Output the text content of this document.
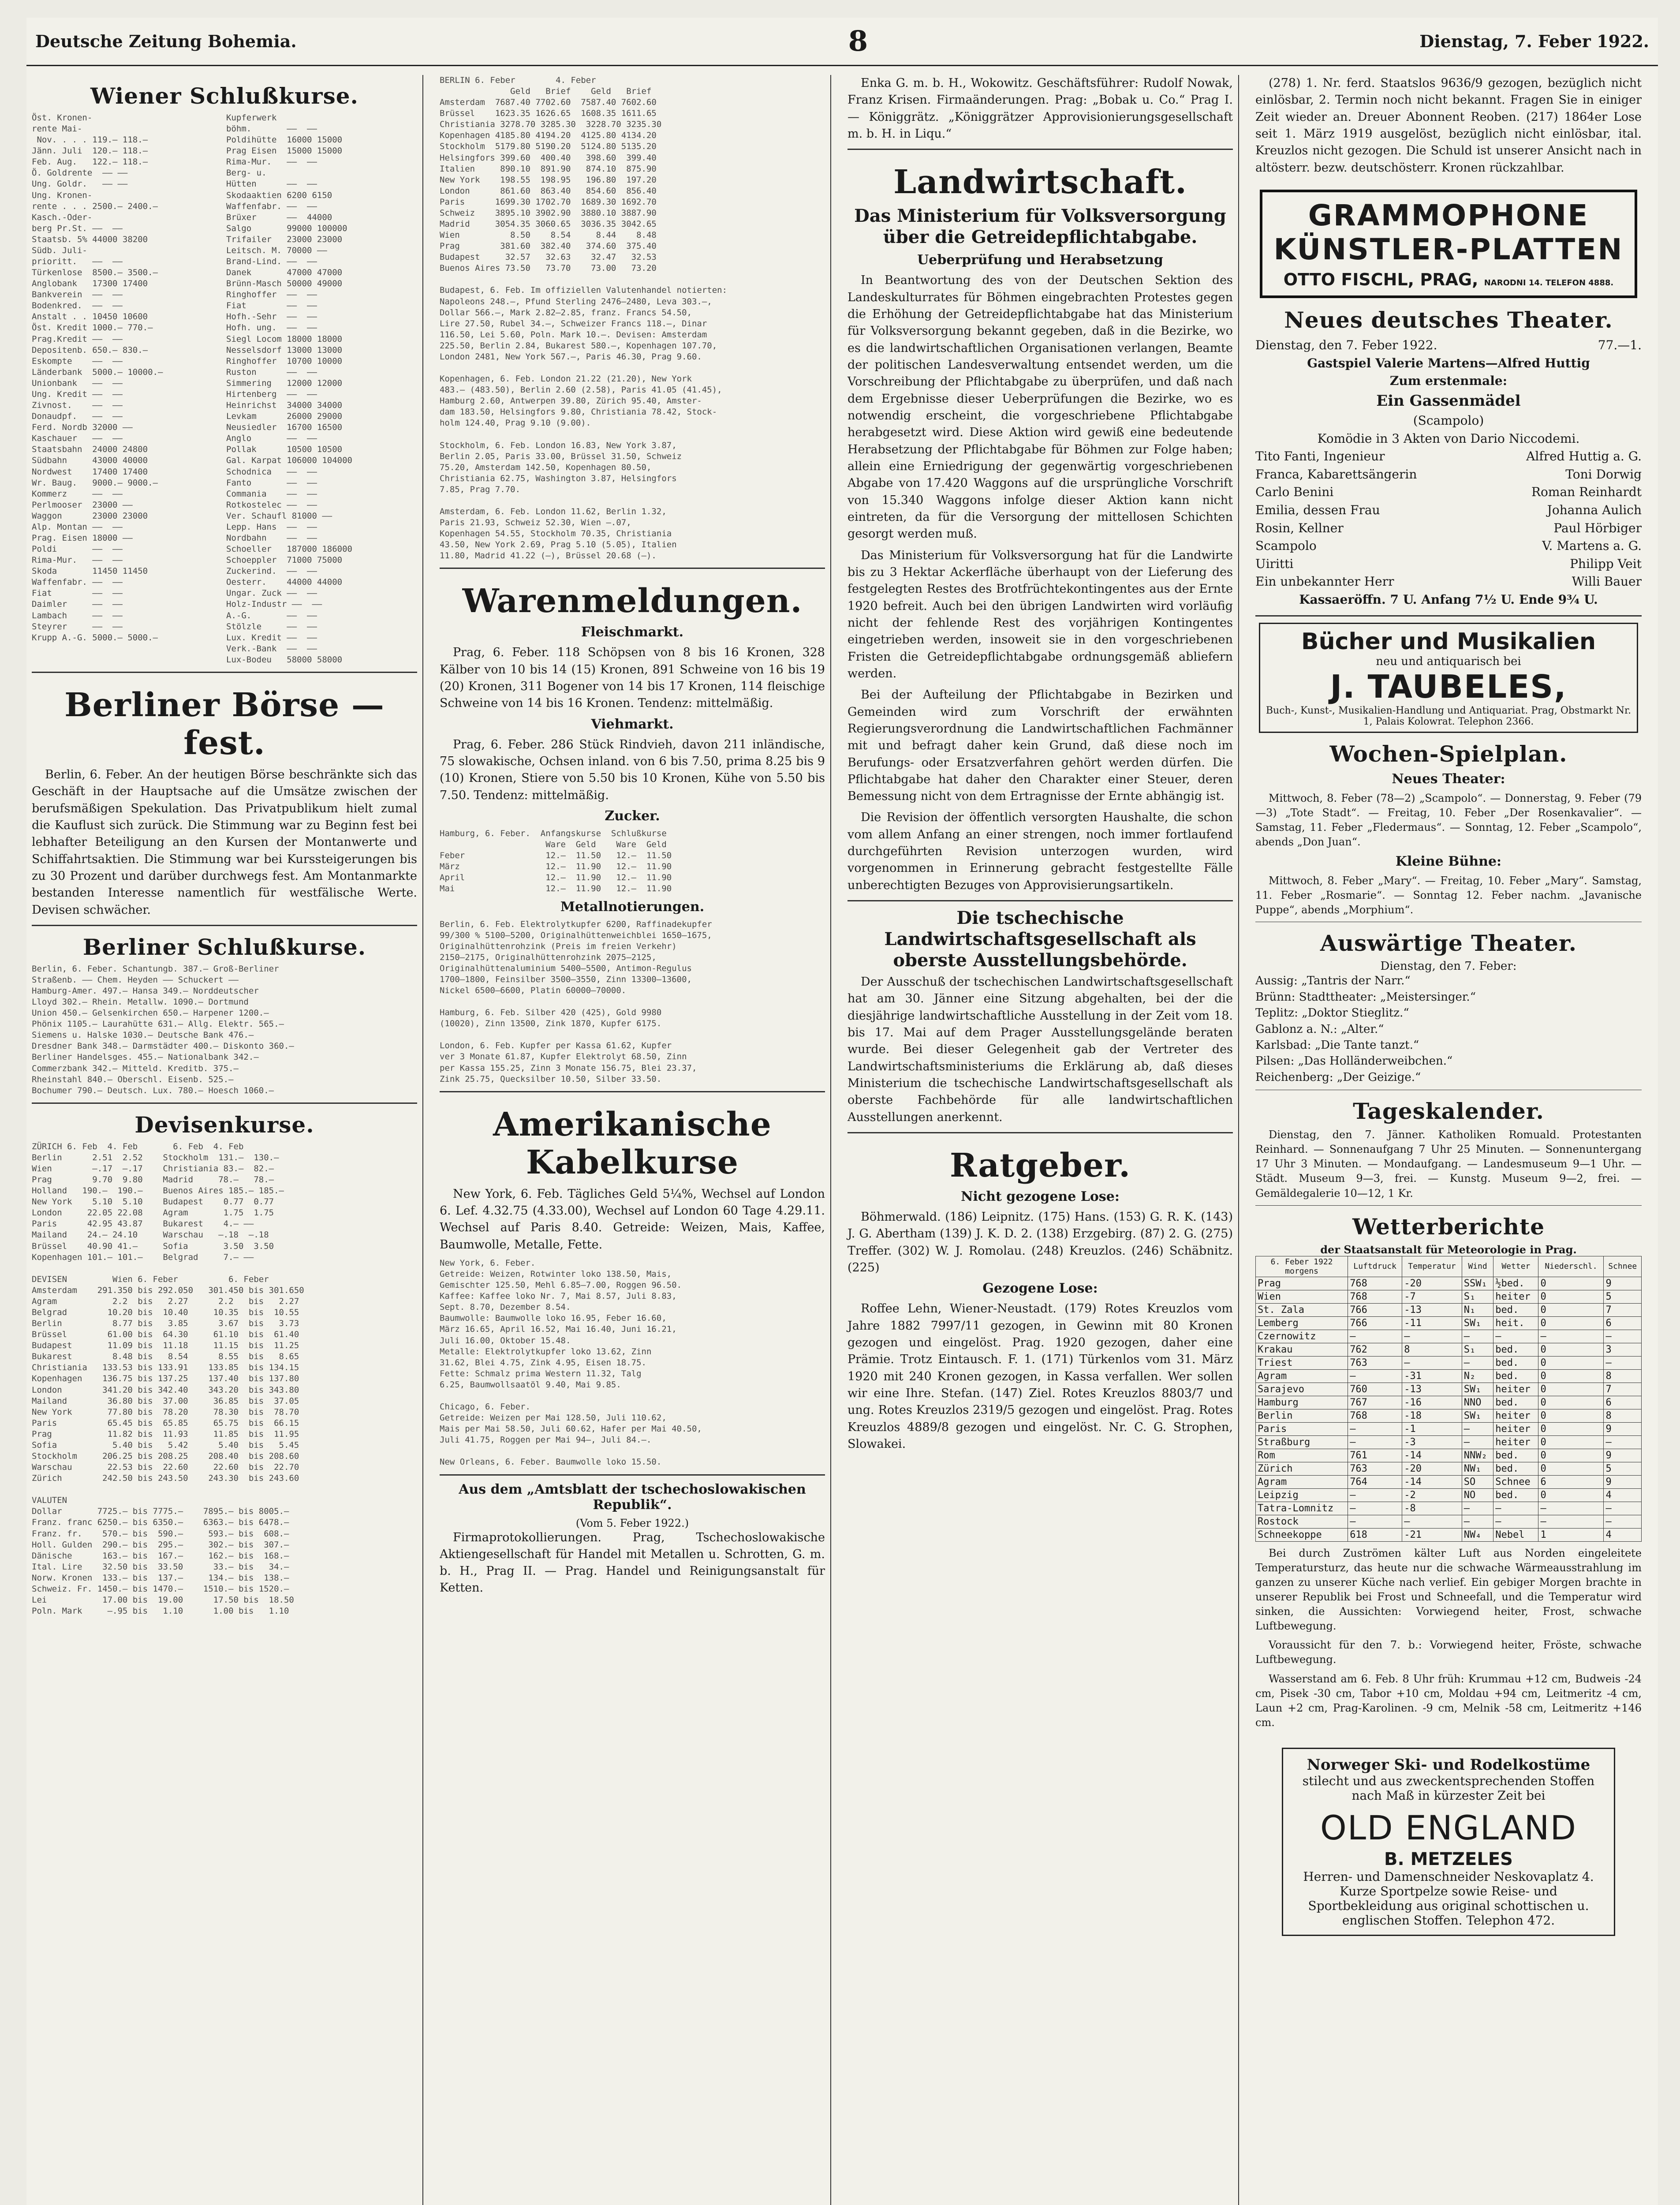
Deutsche Zeitung Bohemia.	8	Dienstag, 7. Feber 1922.
Wiener Schlußkurse.
Öst. Kronen-
rente Mai-
Nov. . . . 119.— 118.—
Jänn. Juli  120.— 118.—
Feb. Aug.   122.— 118.—
Ö. Goldrente  —— ——
Ung. Goldr.   —— ——
Ung. Kronen-
rente . . . 2500.— 2400.—
Kasch.-Oder-
berg Pr.St. ——  ——
Staatsb. 5% 44000 38200
Südb. Juli-
prioritt.   ——  ——
Türkenlose  8500.— 3500.—
Anglobank   17300 17400
Bankverein  ——  ——
Bodenkred.  ——  ——
Anstalt . . 10450 10600
Öst. Kredit 1000.— 770.—
Prag.Kredit ——  ——
Depositenb. 650.— 830.—
Eskompte    ——  ——
Länderbank  5000.— 10000.—
Unionbank   ——  ——
Ung. Kredit ——  ——
Zivnost.    ——  ——
Donaudpf.   ——  ——
Ferd. Nordb 32000 ——
Kaschauer   ——  ——
Staatsbahn  24000 24800
Südbahn     43000 40000
Nordwest    17400 17400
Wr. Baug.   9000.— 9000.—
Kommerz     ——  ——
Perlmooser  23000 ——
Waggon      23000 23000
Alp. Montan ——  ——
Prag. Eisen 18000 ——
Poldi       ——  ——
Rima-Mur.   ——  ——
Skoda       11450 11450
Waffenfabr. ——  ——
Fiat        ——  ——
Daimler     ——  ——
Lambach     ——  ——
Steyrer     ——  ——
Krupp A.-G. 5000.— 5000.—
Kupferwerk
böhm.       ——  ——
Poldihütte  16000 15000
Prag Eisen  15000 15000
Rima-Mur.   ——  ——
Berg- u.
Hütten      ——  ——
Skodaaktien 6200 6150
Waffenfabr. ——  ——
Brüxer      ——  44000
Salgo       99000 100000
Trifailer   23000 23000
Leitsch. M. 70000 ——
Brand-Lind. ——  ——
Danek       47000 47000
Brünn-Masch 50000 49000
Ringhoffer  ——  ——
Fiat        ——  ——
Hofh.-Sehr  ——  ——
Hofh. ung.  ——  ——
Siegl Locom 18000 18000
Nesselsdorf 13000 13000
Ringhoffer  10700 10000
Ruston      ——  ——
Simmering   12000 12000
Hirtenberg  ——  ——
Heinrichst  34000 34000
Levkam      26000 29000
Neusiedler  16700 16500
Anglo       ——  ——
Pollak      10500 10500
Gal. Karpat 106000 104000
Schodnica   ——  ——
Fanto       ——  ——
Commania    ——  ——
Rotkostelec ——  ——
Ver. Schaufl 81000 ——
Lepp. Hans  ——  ——
Nordbahn    ——  ——
Schoeller   187000 186000
Schoeppler  71000 75000
Zuckerind.  ——  ——
Oesterr.    44000 44000
Ungar. Zuck ——  ——
Holz-Industr ——  ——
A.-G.       ——  ——
Stölzle     ——  ——
Lux. Kredit ——  ——
Verk.-Bank  ——  ——
Lux-Bodeu   58000 58000
Berliner Börse — fest.

Berlin, 6. Feber. An der heutigen Börse beschränkte sich das Geschäft in der Hauptsache auf die Umsätze zwischen der berufsmäßigen Spekulation. Das Privatpublikum hielt zumal die Kauflust sich zurück. Die Stimmung war zu Beginn fest bei lebhafter Beteiligung an den Kursen der Montanwerte und Schiffahrtsaktien. Die Stimmung war bei Kurssteigerungen bis zu 30 Prozent und darüber durchwegs fest. Am Montanmarkte bestanden Interesse namentlich für westfälische Werte. Devisen schwächer.

Berliner Schlußkurse.
Berlin, 6. Feber. Schantungb. 387.— Groß-Berliner
Straßenb. —— Chem. Heyden —— Schuckert ——
Hamburg-Amer. 497.— Hansa 349.— Norddeutscher
Lloyd 302.— Rhein. Metallw. 1090.— Dortmund
Union 450.— Gelsenkirchen 650.— Harpener 1200.—
Phönix 1105.— Laurahütte 631.— Allg. Elektr. 565.—
Siemens u. Halske 1030.— Deutsche Bank 476.—
Dresdner Bank 348.— Darmstädter 400.— Diskonto 360.—
Berliner Handelsges. 455.— Nationalbank 342.—
Commerzbank 342.— Mitteld. Kreditb. 375.—
Rheinstahl 840.— Oberschl. Eisenb. 525.—
Bochumer 790.— Deutsch. Lux. 780.— Hoesch 1060.—
Devisenkurse.
ZÜRICH 6. Feb  4. Feb       6. Feb  4. Feb
Berlin      2.51  2.52    Stockholm  131.—  130.—
Wien        —.17  —.17    Christiania 83.—  82.—
Prag        9.70  9.80    Madrid     78.—   78.—
Holland   190.—  190.—    Buenos Aires 185.— 185.—
New York    5.10  5.10    Budapest    0.77  0.77
London     22.05 22.08    Agram       1.75  1.75
Paris      42.95 43.87    Bukarest    4.— ——
Mailand    24.— 24.10     Warschau   —.18  —.18
Brüssel    40.90 41.—     Sofia       3.50  3.50
Kopenhagen 101.— 101.—    Belgrad     7.— ——

DEVISEN         Wien 6. Feber          6. Feber
Amsterdam    291.350 bis 292.050   301.450 bis 301.650
Agram           2.2  bis   2.27      2.2   bis   2.27
Belgrad        10.20 bis  10.40     10.35  bis  10.55
Berlin          8.77 bis   3.85      3.67  bis   3.73
Brüssel        61.00 bis  64.30     61.10  bis  61.40
Budapest       11.09 bis  11.18     11.15  bis  11.25
Bukarest        8.48 bis   8.54      8.55  bis   8.65
Christiania   133.53 bis 133.91    133.85  bis 134.15
Kopenhagen    136.75 bis 137.25    137.40  bis 137.80
London        341.20 bis 342.40    343.20  bis 343.80
Mailand        36.80 bis  37.00     36.85  bis  37.05
New York       77.80 bis  78.20     78.30  bis  78.70
Paris          65.45 bis  65.85     65.75  bis  66.15
Prag           11.82 bis  11.93     11.85  bis  11.95
Sofia           5.40 bis   5.42      5.40  bis   5.45
Stockholm     206.25 bis 208.25    208.40  bis 208.60
Warschau       22.53 bis  22.60     22.60  bis  22.70
Zürich        242.50 bis 243.50    243.30  bis 243.60

VALUTEN
Dollar       7725.— bis 7775.—    7895.— bis 8005.—
Franz. franc 6250.— bis 6350.—    6363.— bis 6478.—
Franz. fr.    570.— bis  590.—     593.— bis  608.—
Holl. Gulden  290.— bis  295.—     302.— bis  307.—
Dänische      163.— bis  167.—     162.— bis  168.—
Ital. Lire    32.50 bis  33.50      33.— bis   34.—
Norw. Kronen  133.— bis  137.—     134.— bis  138.—
Schweiz. Fr. 1450.— bis 1470.—    1510.— bis 1520.—
Lei           17.00 bis  19.00      17.50 bis  18.50
Poln. Mark     —.95 bis   1.10      1.00 bis   1.10
BERLIN 6. Feber        4. Feber
Geld   Brief    Geld   Brief
Amsterdam  7687.40 7702.60  7587.40 7602.60
Brüssel    1623.35 1626.65  1608.35 1611.65
Christiania 3278.70 3285.30  3228.70 3235.30
Kopenhagen 4185.80 4194.20  4125.80 4134.20
Stockholm  5179.80 5190.20  5124.80 5135.20
Helsingfors 399.60  400.40   398.60  399.40
Italien     890.10  891.90   874.10  875.90
New York    198.55  198.95   196.80  197.20
London      861.60  863.40   854.60  856.40
Paris      1699.30 1702.70  1689.30 1692.70
Schweiz    3895.10 3902.90  3880.10 3887.90
Madrid     3054.35 3060.65  3036.35 3042.65
Wien          8.50    8.54     8.44    8.48
Prag        381.60  382.40   374.60  375.40
Budapest     32.57   32.63    32.47   32.53
Buenos Aires 73.50   73.70    73.00   73.20

Budapest, 6. Feb. Im offiziellen Valutenhandel notierten:
Napoleons 248.—, Pfund Sterling 2476—2480, Leva 303.—,
Dollar 566.—, Mark 2.82—2.85, franz. Francs 54.50,
Lire 27.50, Rubel 34.—, Schweizer Francs 118.—, Dinar
116.50, Lei 5.60, Poln. Mark 10.—. Devisen: Amsterdam
225.50, Berlin 2.84, Bukarest 580.—, Kopenhagen 107.70,
London 2481, New York 567.—, Paris 46.30, Prag 9.60.

Kopenhagen, 6. Feb. London 21.22 (21.20), New York
483.— (483.50), Berlin 2.60 (2.58), Paris 41.05 (41.45),
Hamburg 2.60, Antwerpen 39.80, Zürich 95.40, Amster-
dam 183.50, Helsingfors 9.80, Christiania 78.42, Stock-
holm 124.40, Prag 9.10 (9.00).

Stockholm, 6. Feb. London 16.83, New York 3.87,
Berlin 2.05, Paris 33.00, Brüssel 31.50, Schweiz
75.20, Amsterdam 142.50, Kopenhagen 80.50,
Christiania 62.75, Washington 3.87, Helsingfors
7.85, Prag 7.70.

Amsterdam, 6. Feb. London 11.62, Berlin 1.32,
Paris 21.93, Schweiz 52.30, Wien —.07,
Kopenhagen 54.55, Stockholm 70.35, Christiania
43.50, New York 2.69, Prag 5.10 (5.05), Italien
11.80, Madrid 41.22 (—), Brüssel 20.68 (—).
Warenmeldungen.
Fleischmarkt.

Prag, 6. Feber. 118 Schöpsen von 8 bis 16 Kronen, 328 Kälber von 10 bis 14 (15) Kronen, 891 Schweine von 16 bis 19 (20) Kronen, 311 Bogener von 14 bis 17 Kronen, 114 fleischige Schweine von 14 bis 16 Kronen. Tendenz: mittelmäßig.

Viehmarkt.

Prag, 6. Feber. 286 Stück Rindvieh, davon 211 inländische, 75 slowakische, Ochsen inland. von 6 bis 7.50, prima 8.25 bis 9 (10) Kronen, Stiere von 5.50 bis 10 Kronen, Kühe von 5.50 bis 7.50. Tendenz: mittelmäßig.

Zucker.
Hamburg, 6. Feber.  Anfangskurse  Schlußkurse
Ware  Geld    Ware  Geld
Feber                12.—  11.50   12.—  11.50
März                 12.—  11.90   12.—  11.90
April                12.—  11.90   12.—  11.90
Mai                  12.—  11.90   12.—  11.90
Metallnotierungen.
Berlin, 6. Feb. Elektrolytkupfer 6200, Raffinadekupfer
99/300 % 5100—5200, Originalhüttenweichblei 1650—1675,
Originalhüttenrohzink (Preis im freien Verkehr)
2150—2175, Originalhüttenrohzink 2075—2125,
Originalhüttenaluminium 5400—5500, Antimon-Regulus
1700—1800, Feinsilber 3500—3550, Zinn 13300—13600,
Nickel 6500—6600, Platin 60000—70000.

Hamburg, 6. Feb. Silber 420 (425), Gold 9980
(10020), Zinn 13500, Zink 1870, Kupfer 6175.

London, 6. Feb. Kupfer per Kassa 61.62, Kupfer
ver 3 Monate 61.87, Kupfer Elektrolyt 68.50, Zinn
per Kassa 155.25, Zinn 3 Monate 156.75, Blei 23.37,
Zink 25.75, Quecksilber 10.50, Silber 33.50.
Amerikanische Kabelkurse

New York, 6. Feb. Tägliches Geld 5¼%, Wechsel auf London 6. Lef. 4.32.75 (4.33.00), Wechsel auf London 60 Tage 4.29.11. Wechsel auf Paris 8.40. Getreide: Weizen, Mais, Kaffee, Baumwolle, Metalle, Fette.

New York, 6. Feber.
Getreide: Weizen, Rotwinter loko 138.50, Mais,
Gemischter 125.50, Mehl 6.85—7.00, Roggen 96.50.
Kaffee: Kaffee loko Nr. 7, Mai 8.57, Juli 8.83,
Sept. 8.70, Dezember 8.54.
Baumwolle: Baumwolle loko 16.95, Feber 16.60,
März 16.65, April 16.52, Mai 16.40, Juni 16.21,
Juli 16.00, Oktober 15.48.
Metalle: Elektrolytkupfer loko 13.62, Zinn
31.62, Blei 4.75, Zink 4.95, Eisen 18.75.
Fette: Schmalz prima Western 11.32, Talg
6.25, Baumwollsaatöl 9.40, Mai 9.85.

Chicago, 6. Feber.
Getreide: Weizen per Mai 128.50, Juli 110.62,
Mais per Mai 58.50, Juli 60.62, Hafer per Mai 40.50,
Juli 41.75, Roggen per Mai 94—, Juli 84.—.

New Orleans, 6. Feber. Baumwolle loko 15.50.
Aus dem „Amtsblatt der tschechoslowakischen Republik“.
(Vom 5. Feber 1922.)

Firmaprotokollierungen. Prag, Tschechoslowakische Aktiengesellschaft für Handel mit Metallen u. Schrotten, G. m. b. H., Prag II. — Prag. Handel und Reinigungsanstalt für Ketten.

Enka G. m. b. H., Wokowitz. Geschäftsführer: Rudolf Nowak, Franz Krisen. Firmaänderungen. Prag: „Bobak u. Co.“ Prag I. — Königgrätz. „Königgrätzer Approvisionierungsgesellschaft m. b. H. in Liqu.“

Landwirtschaft.
Das Ministerium für Volksversorgung über die Getreidepflichtabgabe.
Ueberprüfung und Herabsetzung

In Beantwortung des von der Deutschen Sektion des Landeskulturrates für Böhmen eingebrachten Protestes gegen die Erhöhung der Getreidepflichtabgabe hat das Ministerium für Volksversorgung bekannt gegeben, daß in die Bezirke, wo es die landwirtschaftlichen Organisationen verlangen, Beamte der politischen Landesverwaltung entsendet werden, um die Vorschreibung der Pflichtabgabe zu überprüfen, und daß nach dem Ergebnisse dieser Ueberprüfungen die Bezirke, wo es notwendig erscheint, die vorgeschriebene Pflichtabgabe herabgesetzt wird. Diese Aktion wird gewiß eine bedeutende Herabsetzung der Pflichtabgabe für Böhmen zur Folge haben; allein eine Erniedrigung der gegenwärtig vorgeschriebenen Abgabe von 17.420 Waggons auf die ursprüngliche Vorschrift von 15.340 Waggons infolge dieser Aktion kann nicht eintreten, da für die Versorgung der mittellosen Schichten gesorgt werden muß.

Das Ministerium für Volksversorgung hat für die Landwirte bis zu 3 Hektar Ackerfläche überhaupt von der Lieferung des festgelegten Restes des Brotfrüchtekontingentes aus der Ernte 1920 befreit. Auch bei den übrigen Landwirten wird vorläufig nicht der fehlende Rest des vorjährigen Kontingentes eingetrieben werden, insoweit sie in den vorgeschriebenen Fristen die Getreidepflichtabgabe ordnungsgemäß abliefern werden.

Bei der Aufteilung der Pflichtabgabe in Bezirken und Gemeinden wird zum Vorschrift der erwähnten Regierungsverordnung die Landwirtschaftlichen Fachmänner mit und befragt daher kein Grund, daß diese noch im Berufungs- oder Ersatzverfahren gehört werden dürfen. Die Pflichtabgabe hat daher den Charakter einer Steuer, deren Bemessung nicht von dem Ertragnisse der Ernte abhängig ist.

Die Revision der öffentlich versorgten Haushalte, die schon vom allem Anfang an einer strengen, noch immer fortlaufend durchgeführten Revision unterzogen wurden, wird vorgenommen in Erinnerung gebracht festgestellte Fälle unberechtigten Bezuges von Approvisierungsartikeln.

Die tschechische Landwirtschaftsgesellschaft als oberste Ausstellungsbehörde.

Der Ausschuß der tschechischen Landwirtschaftsgesellschaft hat am 30. Jänner eine Sitzung abgehalten, bei der die diesjährige landwirtschaftliche Ausstellung in der Zeit vom 18. bis 17. Mai auf dem Prager Ausstellungsgelände beraten wurde. Bei dieser Gelegenheit gab der Vertreter des Landwirtschaftsministeriums die Erklärung ab, daß dieses Ministerium die tschechische Landwirtschaftsgesellschaft als oberste Fachbehörde für alle landwirtschaftlichen Ausstellungen anerkennt.

Ratgeber.
Nicht gezogene Lose:

Böhmerwald. (186) Leipnitz. (175) Hans. (153) G. R. K. (143) J. G. Abertham (139) J. K. D. 2. (138) Erzgebirg. (87) 2. G. (275) Treffer. (302) W. J. Romolau. (248) Kreuzlos. (246) Schäbnitz. (225)

Gezogene Lose:

Roffee Lehn, Wiener-Neustadt. (179) Rotes Kreuzlos vom Jahre 1882 7997/11 gezogen, in Gewinn mit 80 Kronen gezogen und eingelöst. Prag. 1920 gezogen, daher eine Prämie. Trotz Eintausch. F. 1. (171) Türkenlos vom 31. März 1920 mit 240 Kronen gezogen, in Kassa verfallen. Wer sollen wir eine Ihre. Stefan. (147) Ziel. Rotes Kreuzlos 8803/7 und ung. Rotes Kreuzlos 2319/5 gezogen und eingelöst. Prag. Rotes Kreuzlos 4889/8 gezogen und eingelöst. Nr. C. G. Strophen, Slowakei.

(278) 1. Nr. ferd. Staatslos 9636/9 gezogen, bezüglich nicht einlösbar, 2. Termin noch nicht bekannt. Fragen Sie in einiger Zeit wieder an. Dreuer Abonnent Reoben. (217) 1864er Lose seit 1. März 1919 ausgelöst, bezüglich nicht einlösbar, ital. Kreuzlos nicht gezogen. Die Schuld ist unserer Ansicht nach in altösterr. bezw. deutschösterr. Kronen rückzahlbar.

GRAMMOPHONE
KÜNSTLER-PLATTEN
OTTO FISCHL, PRAG, NARODNI 14. TELEFON 4888.
Neues deutsches Theater.
Dienstag, den 7. Feber 1922.	77.—1.
Gastspiel Valerie Martens—Alfred Huttig
Zum erstenmale:
Ein Gassenmädel
(Scampolo)
Komödie in 3 Akten von Dario Niccodemi.
Tito Fanti, Ingenieur	Alfred Huttig a. G.
Franca, Kabarettsängerin	Toni Dorwig
Carlo Benini	Roman Reinhardt
Emilia, dessen Frau	Johanna Aulich
Rosin, Kellner	Paul Hörbiger
Scampolo	V. Martens a. G.
Uiritti	Philipp Veit
Ein unbekannter Herr	Willi Bauer
Kassaeröffn. 7 U. Anfang 7½ U. Ende 9¾ U.
Bücher und Musikalien
neu und antiquarisch bei
J. TAUBELES,
Buch-, Kunst-, Musikalien-Handlung und Antiquariat. Prag, Obstmarkt Nr. 1, Palais Kolowrat. Telephon 2366.
Wochen-Spielplan.
Neues Theater:

Mittwoch, 8. Feber (78—2) „Scampolo“. — Donnerstag, 9. Feber (79—3) „Tote Stadt“. — Freitag, 10. Feber „Der Rosenkavalier“. — Samstag, 11. Feber „Fledermaus“. — Sonntag, 12. Feber „Scampolo“, abends „Don Juan“.

Kleine Bühne:

Mittwoch, 8. Feber „Mary“. — Freitag, 10. Feber „Mary“. Samstag, 11. Feber „Rosmarie“. — Sonntag 12. Feber nachm. „Javanische Puppe“, abends „Morphium“.

Auswärtige Theater.
Dienstag, den 7. Feber:
Aussig: „Tantris der Narr.“
Brünn: Stadttheater: „Meistersinger.“
Teplitz: „Doktor Stieglitz.“
Gablonz a. N.: „Alter.“
Karlsbad: „Die Tante tanzt.“
Pilsen: „Das Holländerweibchen.“
Reichenberg: „Der Geizige.“
Tageskalender.

Dienstag, den 7. Jänner. Katholiken Romuald. Protestanten Reinhard. — Sonnenaufgang 7 Uhr 25 Minuten. — Sonnenuntergang 17 Uhr 3 Minuten. — Mondaufgang. — Landesmuseum 9—1 Uhr. — Städt. Museum 9—3, frei. — Kunstg. Museum 9—2, frei. — Gemäldegalerie 10—12, 1 Kr.

Wetterberichte
der Staatsanstalt für Meteorologie in Prag.
6. Feber 1922
morgens	Luftdruck	Temperatur	Wind	Wetter	Niederschl.	Schnee
Prag	768	-20	SSW₁	½bed.	0	9
Wien	768	-7	S₁	heiter	0	5
St. Zala	766	-13	N₁	bed.	0	7
Lemberg	766	-11	SW₁	heit.	0	6
Czernowitz	—	—	—	—	—	—
Krakau	762	8	S₁	bed.	0	3
Triest	763	—	—	bed.	0	—
Agram	—	-31	N₂	bed.	0	8
Sarajevo	760	-13	SW₁	heiter	0	7
Hamburg	767	-16	NNO	bed.	0	6
Berlin	768	-18	SW₁	heiter	0	8
Paris	—	-1	—	heiter	0	9
Straßburg	—	-3	—	heiter	0	—
Rom	761	-14	NNW₂	bed.	0	9
Zürich	763	-20	NW₁	bed.	0	5
Agram	764	-14	SO	Schnee	6	9
Leipzig	—	-2	NO	bed.	0	4
Tatra-Lomnitz	—	-8	—	—	—	—
Rostock	—	—	—	—	—	—
Schneekoppe	618	-21	NW₄	Nebel	1	4

Bei durch Zuströmen kälter Luft aus Norden eingeleitete Temperatursturz, das heute nur die schwache Wärmeausstrahlung im ganzen zu unserer Küche nach verlief. Ein gebiger Morgen brachte in unserer Republik bei Frost und Schneefall, und die Temperatur wird sinken, die Aussichten: Vorwiegend heiter, Frost, schwache Luftbewegung.

Voraussicht für den 7. b.: Vorwiegend heiter, Fröste, schwache Luftbewegung.

Wasserstand am 6. Feb. 8 Uhr früh: Krummau +12 cm, Budweis -24 cm, Pisek -30 cm, Tabor +10 cm, Moldau +94 cm, Leitmeritz -4 cm, Laun +2 cm, Prag-Karolinen. -9 cm, Melnik -58 cm, Leitmeritz +146 cm.

Norweger Ski- und Rodelkostüme
stilecht und aus zweckentsprechenden Stoffen nach Maß in kürzester Zeit bei
OLD ENGLAND
B. METZELES
Herren- und Damenschneider Neskovaplatz 4.
Kurze Sportpelze sowie Reise- und Sportbekleidung aus original schottischen u. englischen Stoffen. Telephon 472.
